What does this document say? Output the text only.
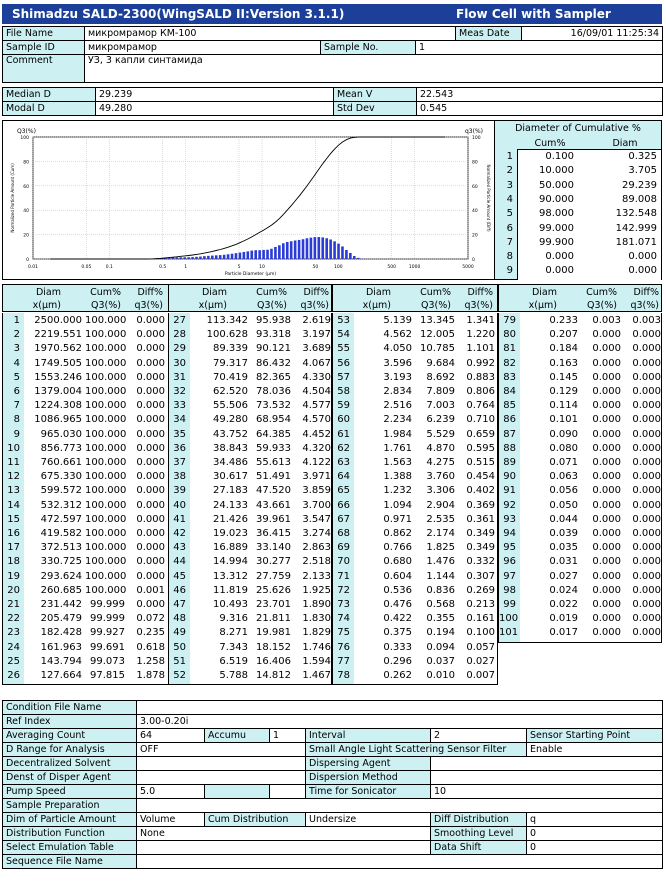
Shimadzu SALD-2300(WingSALD II:Version 3.1.1)	Flow Cell with Sampler
File Name	микромрамор КМ-100			Meas Date	16/09/01 11:25:34
Sample ID	микромрамор	Sample No.	1		
Comment	УЗ, 3 капли синтамида				
Median D	29.239	Mean V	22.543
Modal D	49.280	Std Dev	0.545
0.01	0.05	0.1	0.5	1	5	10	50	100	500	1000	5000
0	0
20	20
40	40
60	60
80	80
100	100
Q3(%)	q3(%)
Particle Diameter (μm)
Normalized Particle Amount (Cum)	Normalized Particle Amount (Diff)
Diameter of Cumulative %
Cum%	Diam
1	0.100	0.325
2	10.000	3.705
3	50.000	29.239
4	90.000	89.008
5	98.000	132.548
6	99.000	142.999
7	99.900	181.071
8	0.000	0.000
9	0.000	0.000
Diam
x(μm)
Cum%
Q3(%)
Diff%
q3(%)
1	2500.000 100.000	0.000
2	2219.551 100.000	0.000
3	1970.562 100.000	0.000
4	1749.505 100.000	0.000
5	1553.246 100.000	0.000
6	1379.004 100.000	0.000
7	1224.308 100.000	0.000
8	1086.965 100.000	0.000
9	965.030 100.000	0.000
10	856.773 100.000	0.000
11	760.661 100.000	0.000
12	675.330 100.000	0.000
13	599.572 100.000	0.000
14	532.312 100.000	0.000
15	472.597 100.000	0.000
16	419.582 100.000	0.000
17	372.513 100.000	0.000
18	330.725 100.000	0.000
19	293.624 100.000	0.000
20	260.685 100.000	0.001
21	231.442 99.999	0.000
22	205.479 99.999	0.072
23	182.428 99.927	0.235
24	161.963 99.691	0.618
25	143.794 99.073	1.258
26	127.664 97.815	1.878
Diam
x(μm)
Cum%
Q3(%)
Diff%
q3(%)
27	113.342 95.938	2.619
28	100.628 93.318	3.197
29	89.339 90.121	3.689
30	79.317 86.432	4.067
31	70.419 82.365	4.330
32	62.520 78.036	4.504
33	55.506 73.532	4.577
34	49.280 68.954	4.570
35	43.752 64.385	4.452
36	38.843 59.933	4.320
37	34.486 55.613	4.122
38	30.617 51.491	3.971
39	27.183 47.520	3.859
40	24.133 43.661	3.700
41	21.426 39.961	3.547
42	19.023 36.415	3.274
43	16.889 33.140	2.863
44	14.994 30.277	2.518
45	13.312 27.759	2.133
46	11.819 25.626	1.925
47	10.493 23.701	1.890
48	9.316 21.811	1.830
49	8.271 19.981	1.829
50	7.343 18.152	1.746
51	6.519 16.406	1.594
52	5.788 14.812	1.467
Diam
x(μm)
Cum%
Q3(%)
Diff%
q3(%)
53	5.139 13.345	1.341
54	4.562 12.005	1.220
55	4.050 10.785	1.101
56	3.596	9.684	0.992
57	3.193	8.692	0.883
58	2.834	7.809	0.806
59	2.516	7.003	0.764
60	2.234	6.239	0.710
61	1.984	5.529	0.659
62	1.761	4.870	0.595
63	1.563	4.275	0.515
64	1.388	3.760	0.454
65	1.232	3.306	0.402
66	1.094	2.904	0.369
67	0.971	2.535	0.361
68	0.862	2.174	0.349
69	0.766	1.825	0.349
70	0.680	1.476	0.332
71	0.604	1.144	0.307
72	0.536	0.836	0.269
73	0.476	0.568	0.213
74	0.422	0.355	0.161
75	0.375	0.194	0.100
76	0.333	0.094	0.057
77	0.296	0.037	0.027
78	0.262	0.010	0.007
Diam
x(μm)
Cum%
Q3(%)
Diff%
q3(%)
79	0.233	0.003	0.003
80	0.207	0.000	0.000
81	0.184	0.000	0.000
82	0.163	0.000	0.000
83	0.145	0.000	0.000
84	0.129	0.000	0.000
85	0.114	0.000	0.000
86	0.101	0.000	0.000
87	0.090	0.000	0.000
88	0.080	0.000	0.000
89	0.071	0.000	0.000
90	0.063	0.000	0.000
91	0.056	0.000	0.000
92	0.050	0.000	0.000
93	0.044	0.000	0.000
94	0.039	0.000	0.000
95	0.035	0.000	0.000
96	0.031	0.000	0.000
97	0.027	0.000	0.000
98	0.024	0.000	0.000
99	0.022	0.000	0.000
100	0.019	0.000	0.000
101	0.017	0.000	0.000
Condition File Name							
Ref Index	3.00-0.20i						
Averaging Count	64	Accumu	1	Interval	2	Sensor Starting Point	
D Range for Analysis	OFF			Small Angle Light Scattering Sensor Filter		Enable	
Decentralized Solvent				Dispersing Agent			
Denst of Disper Agent				Dispersion Method			
Pump Speed	5.0			Time for Sonicator	10		
Sample Preparation							
Dim of Particle Amount	Volume	Cum Distribution		Undersize	Diff Distribution	q	
Distribution Function	None				Smoothing Level	0	
Select Emulation Table					Data Shift	0	
Sequence File Name							
